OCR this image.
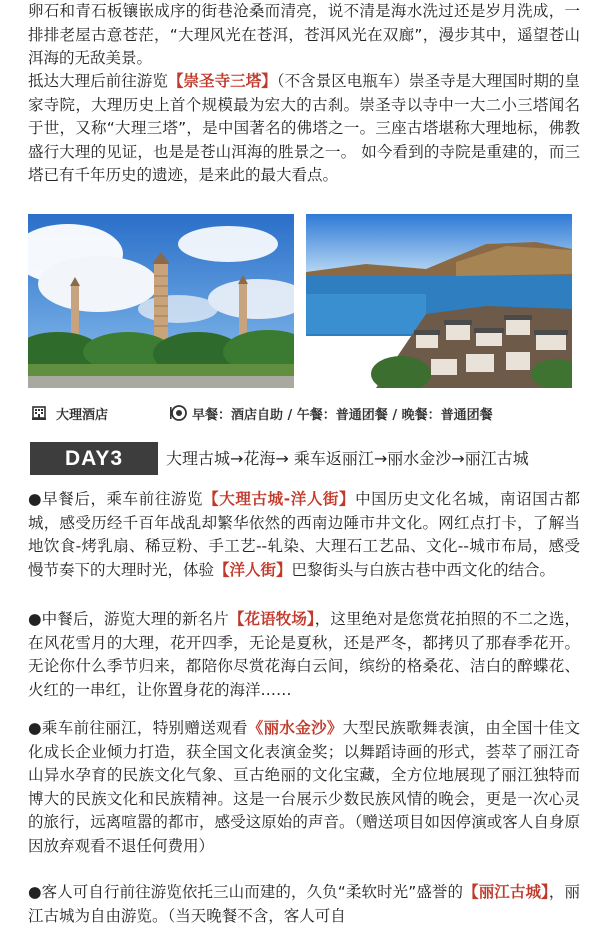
卵石和青石板镶嵌成序的街巷沧桑而清亮，说不清是海水洗过还是岁月洗成，一排排老屋古意苍茫，“大理风光在苍洱，苍洱风光在双廊”，漫步其中，遥望苍山洱海的无敌美景。

抵达大理后前往游览【崇圣寺三塔】（不含景区电瓶车）崇圣寺是大理国时期的皇家寺院，大理历史上首个规模最为宏大的古刹。崇圣寺以寺中一大二小三塔闻名于世，又称“大理三塔”，是中国著名的佛塔之一。三座古塔堪称大理地标，佛教盛行大理的见证，也是是苍山洱海的胜景之一。 如今看到的寺院是重建的，而三塔已有千年历史的遗迹，是来此的最大看点。

大理酒店	早餐：酒店自助 / 午餐：普通团餐 / 晚餐：普通团餐
DAY3	大理古城→花海→ 乘车返丽江→丽水金沙→丽江古城

●早餐后，乘车前往游览【大理古城-洋人街】中国历史文化名城，南诏国古都城，感受历经千百年战乱却繁华依然的西南边陲市井文化。网红点打卡，了解当地饮食-烤乳扇、稀豆粉、手工艺--轧染、大理石工艺品、文化--城市布局，感受慢节奏下的大理时光，体验【洋人街】巴黎街头与白族古巷中西文化的结合。

●中餐后，游览大理的新名片【花语牧场】，这里绝对是您赏花拍照的不二之选，在风花雪月的大理，花开四季，无论是夏秋，还是严冬，都拷贝了那春季花开。无论你什么季节归来，都陪你尽赏花海白云间，缤纷的格桑花、洁白的醉蝶花、火红的一串红，让你置身花的海洋……

●乘车前往丽江，特别赠送观看《丽水金沙》大型民族歌舞表演，由全国十佳文化成长企业倾力打造，获全国文化表演金奖；以舞蹈诗画的形式，荟萃了丽江奇山异水孕育的民族文化气象、亘古绝丽的文化宝藏，全方位地展现了丽江独特而博大的民族文化和民族精神。这是一台展示少数民族风情的晚会，更是一次心灵的旅行，远离喧嚣的都市，感受这原始的声音。（赠送项目如因停演或客人自身原因放弃观看不退任何费用）

●客人可自行前往游览依托三山而建的，久负“柔软时光”盛誉的【丽江古城】，丽江古城为自由游览。（当天晚餐不含，客人可自
